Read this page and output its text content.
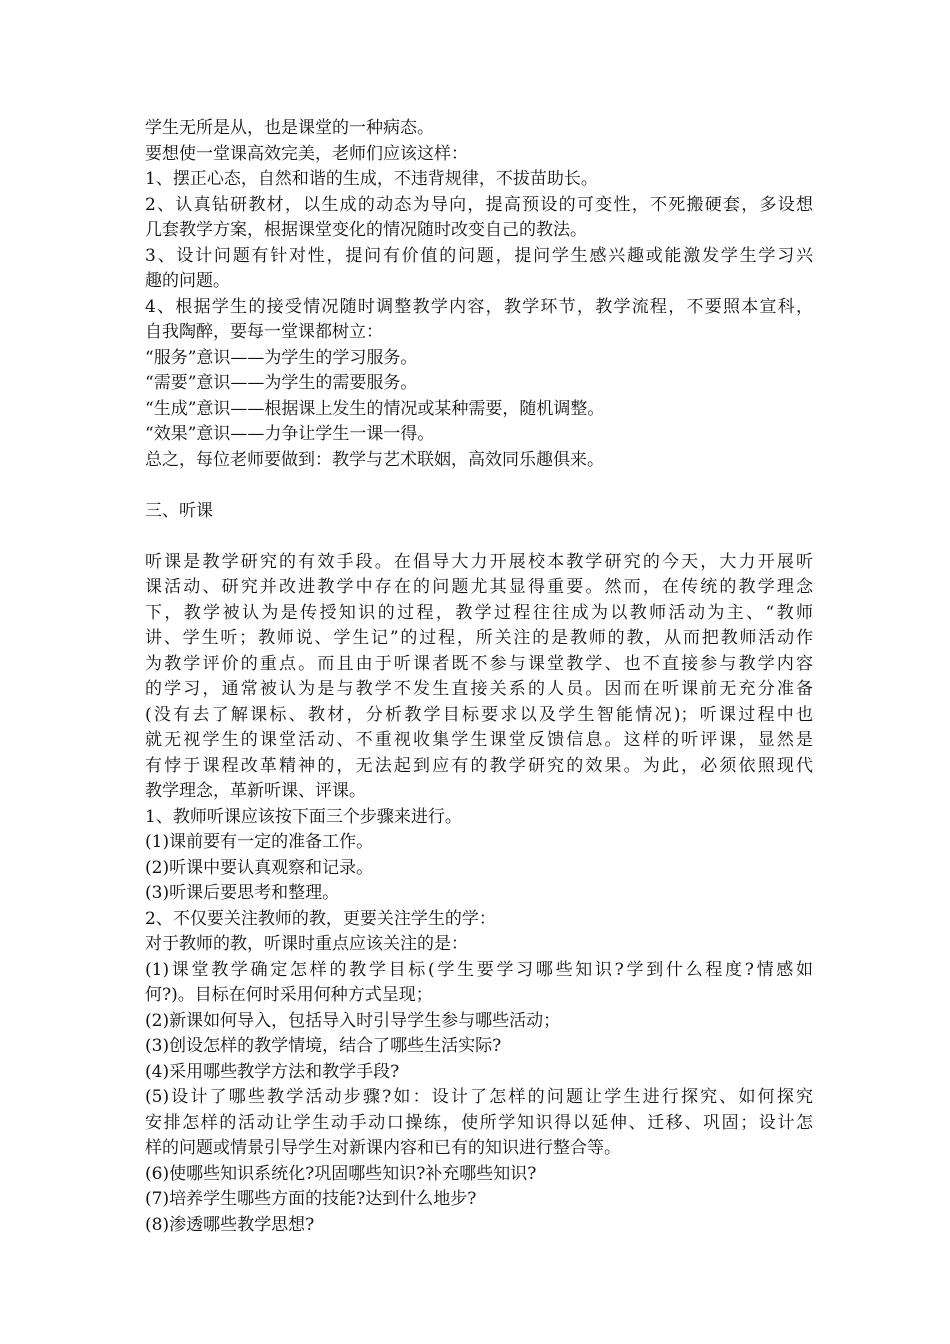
学生无所是从，也是课堂的一种病态。
要想使一堂课高效完美，老师们应该这样：
1、摆正心态，自然和谐的生成，不违背规律，不拔苗助长。
2、认真钻研教材，以生成的动态为导向，提高预设的可变性，不死搬硬套，多设想
几套教学方案，根据课堂变化的情况随时改变自己的教法。
3、设计问题有针对性，提问有价值的问题，提问学生感兴趣或能激发学生学习兴
趣的问题。
4、根据学生的接受情况随时调整教学内容，教学环节，教学流程，不要照本宣科，
自我陶醉，要每一堂课都树立：
“服务”意识——为学生的学习服务。
“需要”意识——为学生的需要服务。
“生成”意识——根据课上发生的情况或某种需要，随机调整。
“效果”意识——力争让学生一课一得。
总之，每位老师要做到：教学与艺术联姻，高效同乐趣俱来。
三、听课
听课是教学研究的有效手段。在倡导大力开展校本教学研究的今天，大力开展听
课活动、研究并改进教学中存在的问题尤其显得重要。然而，在传统的教学理念
下，教学被认为是传授知识的过程，教学过程往往成为以教师活动为主、“教师
讲、学生听；教师说、学生记”的过程，所关注的是教师的教，从而把教师活动作
为教学评价的重点。而且由于听课者既不参与课堂教学、也不直接参与教学内容
的学习，通常被认为是与教学不发生直接关系的人员。因而在听课前无充分准备
(没有去了解课标、教材，分析教学目标要求以及学生智能情况)；听课过程中也
就无视学生的课堂活动、不重视收集学生课堂反馈信息。这样的听评课，显然是
有悖于课程改革精神的，无法起到应有的教学研究的效果。为此，必须依照现代
教学理念，革新听课、评课。
1、教师听课应该按下面三个步骤来进行。
(1)课前要有一定的准备工作。
(2)听课中要认真观察和记录。
(3)听课后要思考和整理。
2、不仅要关注教师的教，更要关注学生的学：
对于教师的教，听课时重点应该关注的是：
(1)课堂教学确定怎样的教学目标(学生要学习哪些知识?学到什么程度?情感如
何?)。目标在何时采用何种方式呈现；
(2)新课如何导入，包括导入时引导学生参与哪些活动；
(3)创设怎样的教学情境，结合了哪些生活实际?
(4)采用哪些教学方法和教学手段?
(5)设计了哪些教学活动步骤?如：设计了怎样的问题让学生进行探究、如何探究
安排怎样的活动让学生动手动口操练，使所学知识得以延伸、迁移、巩固；设计怎
样的问题或情景引导学生对新课内容和已有的知识进行整合等。
(6)使哪些知识系统化?巩固哪些知识?补充哪些知识?
(7)培养学生哪些方面的技能?达到什么地步?
(8)渗透哪些教学思想?
